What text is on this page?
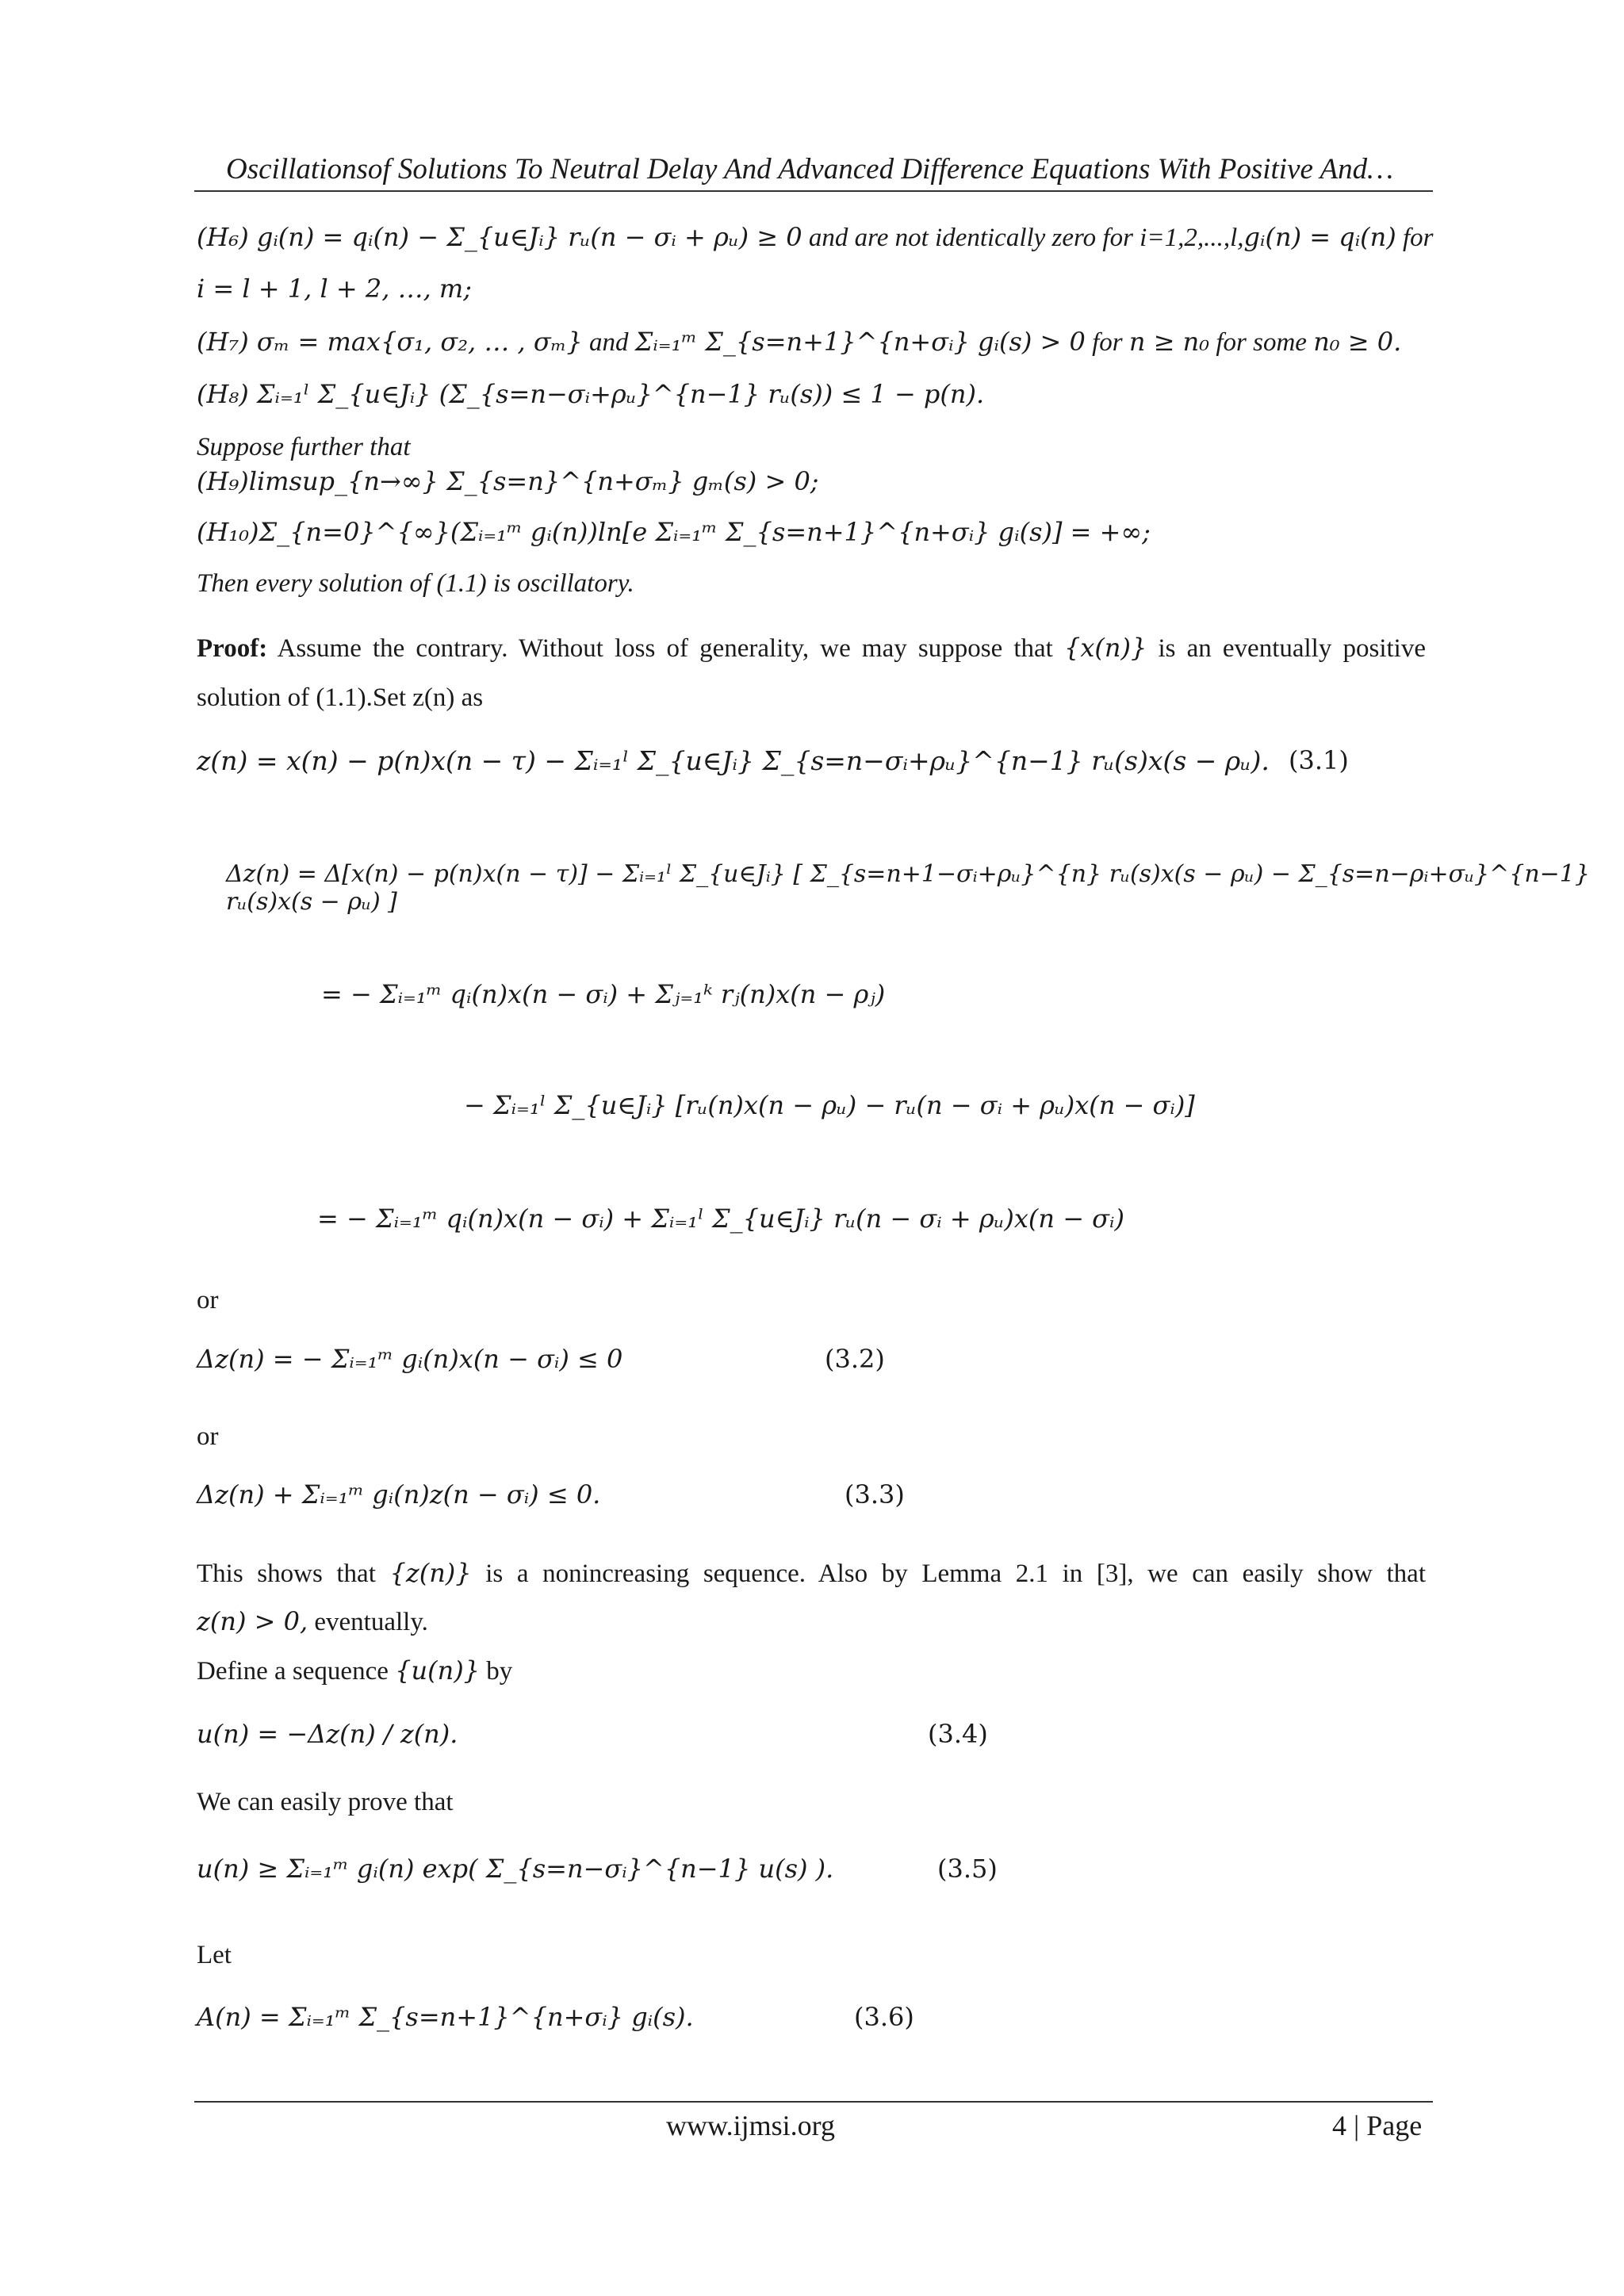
Oscillationsof Solutions To Neutral Delay And Advanced Difference Equations With Positive And…
(H₆) gᵢ(n) = qᵢ(n) − Σ_{u∈Jᵢ} rᵤ(n − σᵢ + ρᵤ) ≥ 0 and are not identically zero for i=1,2,...,l,gᵢ(n) = qᵢ(n) for
i = l + 1, l + 2, …, m;
(H₇) σₘ = max{σ₁, σ₂, … , σₘ} and Σᵢ₌₁ᵐ Σ_{s=n+1}^{n+σᵢ} gᵢ(s) > 0 for n ≥ n₀ for some n₀ ≥ 0.
(H₈) Σᵢ₌₁ˡ Σ_{u∈Jᵢ} (Σ_{s=n−σᵢ+ρᵤ}^{n−1} rᵤ(s)) ≤ 1 − p(n).
Suppose further that
(H₉)limsup_{n→∞} Σ_{s=n}^{n+σₘ} gₘ(s) > 0;
(H₁₀)Σ_{n=0}^{∞}(Σᵢ₌₁ᵐ gᵢ(n))ln[e Σᵢ₌₁ᵐ Σ_{s=n+1}^{n+σᵢ} gᵢ(s)] = +∞;
Then every solution of (1.1) is oscillatory.
Proof: Assume the contrary. Without loss of generality, we may suppose that {x(n)} is an eventually positive
solution of (1.1).Set z(n) as
z(n) = x(n) − p(n)x(n − τ) − Σᵢ₌₁ˡ Σ_{u∈Jᵢ} Σ_{s=n−σᵢ+ρᵤ}^{n−1} rᵤ(s)x(s − ρᵤ). (3.1)
Δz(n) = Δ[x(n) − p(n)x(n − τ)] − Σᵢ₌₁ˡ Σ_{u∈Jᵢ} [ Σ_{s=n+1−σᵢ+ρᵤ}^{n} rᵤ(s)x(s − ρᵤ) − Σ_{s=n−ρᵢ+σᵤ}^{n−1} rᵤ(s)x(s − ρᵤ) ]
= − Σᵢ₌₁ᵐ qᵢ(n)x(n − σᵢ) + Σⱼ₌₁ᵏ rⱼ(n)x(n − ρⱼ)
− Σᵢ₌₁ˡ Σ_{u∈Jᵢ} [rᵤ(n)x(n − ρᵤ) − rᵤ(n − σᵢ + ρᵤ)x(n − σᵢ)]
= − Σᵢ₌₁ᵐ qᵢ(n)x(n − σᵢ) + Σᵢ₌₁ˡ Σ_{u∈Jᵢ} rᵤ(n − σᵢ + ρᵤ)x(n − σᵢ)
or
Δz(n) = − Σᵢ₌₁ᵐ gᵢ(n)x(n − σᵢ) ≤ 0	(3.2)
or
Δz(n) + Σᵢ₌₁ᵐ gᵢ(n)z(n − σᵢ) ≤ 0.	(3.3)
This shows that {z(n)} is a nonincreasing sequence. Also by Lemma 2.1 in [3], we can easily show that
z(n) > 0, eventually.
Define a sequence {u(n)} by
u(n) = −Δz(n) / z(n).	(3.4)
We can easily prove that
u(n) ≥ Σᵢ₌₁ᵐ gᵢ(n) exp( Σ_{s=n−σᵢ}^{n−1} u(s) ).	(3.5)
Let
A(n) = Σᵢ₌₁ᵐ Σ_{s=n+1}^{n+σᵢ} gᵢ(s).	(3.6)
www.ijmsi.org	4 | Page
